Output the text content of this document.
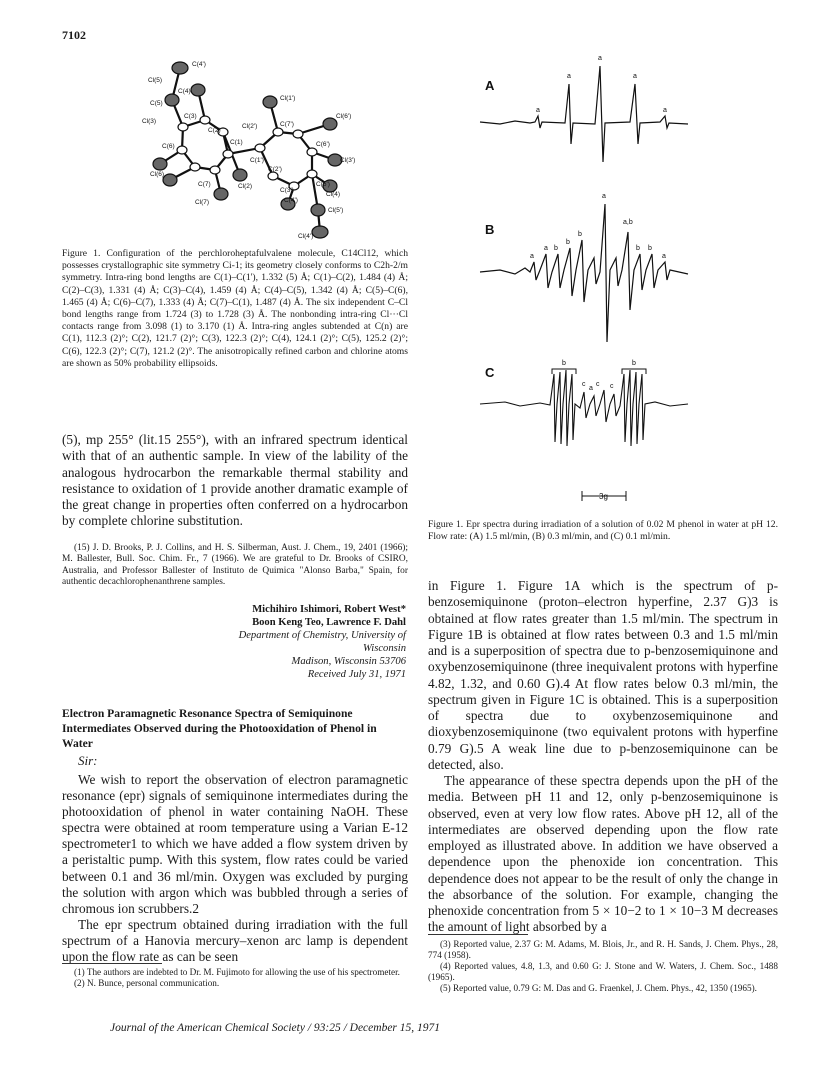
7102
C(4')
Cl(5)
C(4)
C(5)
Cl(3)
C(3)
C(2)
Cl(2)
C(6)
C(1)
Cl(6)
C(7)
Cl(7)
Cl(2')
Cl(1')
C(7')
C(1')
C(2')
Cl(6')
C(6')
Cl(3')
C(3')
C(5')
C(4')
Cl(5')
Cl(4')
Cl(4)
Figure 1. Configuration of the perchloroheptafulvalene molecule, C14Cl12, which possesses crystallographic site symmetry Ci-1; its geometry closely conforms to C2h-2/m symmetry. Intra-ring bond lengths are C(1)–C(1'), 1.332 (5) Å; C(1)–C(2), 1.484 (4) Å; C(2)–C(3), 1.331 (4) Å; C(3)–C(4), 1.459 (4) Å; C(4)–C(5), 1.342 (4) Å; C(5)–C(6), 1.465 (4) Å; C(6)–C(7), 1.333 (4) Å; C(7)–C(1), 1.487 (4) Å. The six independent C–Cl bond lengths range from 1.724 (3) to 1.728 (3) Å. The nonbonding intra-ring Cl···Cl contacts range from 3.098 (1) to 3.170 (1) Å. Intra-ring angles subtended at C(n) are C(1), 112.3 (2)°; C(2), 121.7 (2)°; C(3), 122.3 (2)°; C(4), 124.1 (2)°; C(5), 125.2 (2)°; C(6), 122.3 (2)°; C(7), 121.2 (2)°. The anisotropically refined carbon and chlorine atoms are shown as 50% probability ellipsoids.
(5), mp 255° (lit.15 255°), with an infrared spectrum identical with that of an authentic sample. In view of the lability of the analogous hydrocarbon the remarkable thermal stability and resistance to oxidation of 1 provide another dramatic example of the great change in properties often conferred on a hydrocarbon by complete chlorine substitution.
(15) J. D. Brooks, P. J. Collins, and H. S. Silberman, Aust. J. Chem., 19, 2401 (1966); M. Ballester, Bull. Soc. Chim. Fr., 7 (1966). We are grateful to Dr. Brooks of CSIRO, Australia, and Professor Ballester of Instituto de Quimica "Alonso Barba," Spain, for authentic decachlorophenanthrene samples.
Michihiro Ishimori, Robert West*
Boon Keng Teo, Lawrence F. Dahl
Department of Chemistry, University of Wisconsin
Madison, Wisconsin 53706
Received July 31, 1971
Electron Paramagnetic Resonance Spectra of Semiquinone Intermediates Observed during the Photooxidation of Phenol in Water
Sir:

We wish to report the observation of electron paramagnetic resonance (epr) signals of semiquinone intermediates during the photooxidation of phenol in water containing NaOH. These spectra were obtained at room temperature using a Varian E-12 spectrometer1 to which we have added a flow system driven by a peristaltic pump. With this system, flow rates could be varied between 0.1 and 36 ml/min. Oxygen was excluded by purging the solution with argon which was bubbled through a series of chromous ion scrubbers.2

The epr spectrum obtained during irradiation with the full spectrum of a Hanovia mercury–xenon arc lamp is dependent upon the flow rate as can be seen

(1) The authors are indebted to Dr. M. Fujimoto for allowing the use of his spectrometer.

(2) N. Bunce, personal communication.

A
B
C
a
a
a
a
a
a
a b
b
b
a
a,b
b b
a
b	b
a
c c c
3g
Figure 1. Epr spectra during irradiation of a solution of 0.02 M phenol in water at pH 12. Flow rate: (A) 1.5 ml/min, (B) 0.3 ml/min, and (C) 0.1 ml/min.

in Figure 1. Figure 1A which is the spectrum of p-benzosemiquinone (proton–electron hyperfine, 2.37 G)3 is obtained at flow rates greater than 1.5 ml/min. The spectrum in Figure 1B is obtained at flow rates between 0.3 and 1.5 ml/min and is a superposition of spectra due to p-benzosemiquinone and oxybenzosemiquinone (three inequivalent protons with hyperfine 4.82, 1.32, and 0.60 G).4 At flow rates below 0.3 ml/min, the spectrum given in Figure 1C is obtained. This is a superposition of spectra due to oxybenzosemiquinone and dioxybenzosemiquinone (two equivalent protons with hyperfine 0.79 G).5 A weak line due to p-benzosemiquinone can be detected, also.

The appearance of these spectra depends upon the pH of the media. Between pH 11 and 12, only p-benzosemiquinone is observed, even at very low flow rates. Above pH 12, all of the intermediates are observed depending upon the flow rate employed as illustrated above. In addition we have observed a dependence upon the phenoxide ion concentration. This dependence does not appear to be the result of only the change in the absorbance of the solution. For example, changing the phenoxide concentration from 5 × 10−2 to 1 × 10−3 M decreases the amount of light absorbed by a

(3) Reported value, 2.37 G: M. Adams, M. Blois, Jr., and R. H. Sands, J. Chem. Phys., 28, 774 (1958).

(4) Reported values, 4.8, 1.3, and 0.60 G: J. Stone and W. Waters, J. Chem. Soc., 1488 (1965).

(5) Reported value, 0.79 G: M. Das and G. Fraenkel, J. Chem. Phys., 42, 1350 (1965).

Journal of the American Chemical Society / 93:25 / December 15, 1971
